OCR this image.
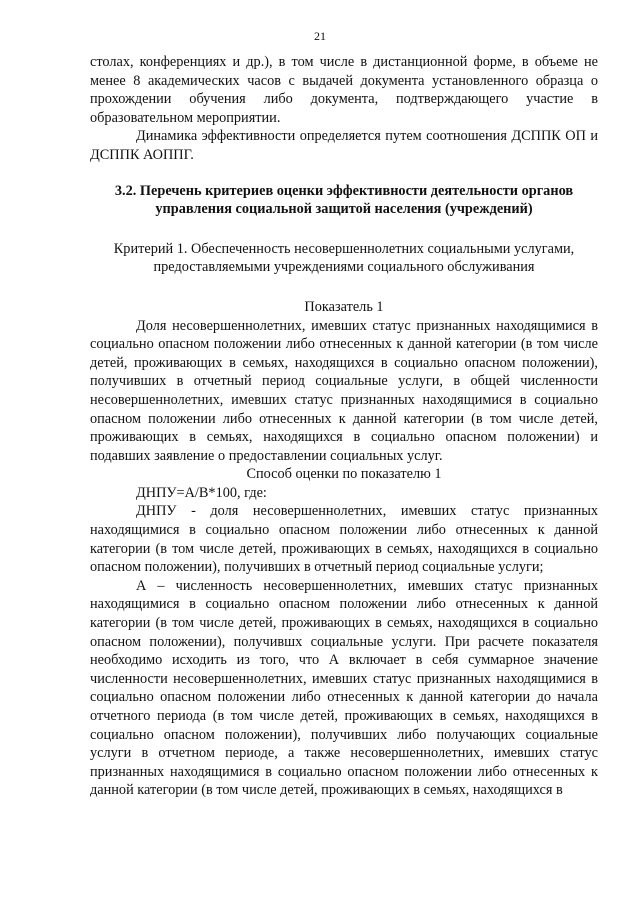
21

столах, конференциях и др.), в том числе в дистанционной форме, в объеме не менее 8 академических часов с выдачей документа установленного образца о прохождении обучения либо документа, подтверждающего участие в образовательном мероприятии.

Динамика эффективности определяется путем соотношения ДСППК ОП и ДСППК АОППГ.

3.2. Перечень критериев оценки эффективности деятельности органов управления социальной защитой населения (учреждений)

Критерий 1. Обеспеченность несовершеннолетних социальными услугами, предоставляемыми учреждениями социального обслуживания

Показатель 1

Доля несовершеннолетних, имевших статус признанных находящимися в социально опасном положении либо отнесенных к данной категории (в том числе детей, проживающих в семьях, находящихся в социально опасном положении), получивших в отчетный период социальные услуги, в общей численности несовершеннолетних, имевших статус признанных находящимися в социально опасном положении либо отнесенных к данной категории (в том числе детей, проживающих в семьях, находящихся в социально опасном положении) и подавших заявление о предоставлении социальных услуг.

Способ оценки по показателю 1

ДНПУ=А/В*100, где:

ДНПУ - доля несовершеннолетних, имевших статус признанных находящимися в социально опасном положении либо отнесенных к данной категории (в том числе детей, проживающих в семьях, находящихся в социально опасном положении), получивших в отчетный период социальные услуги;

А – численность несовершеннолетних, имевших статус признанных находящимися в социально опасном положении либо отнесенных к данной категории (в том числе детей, проживающих в семьях, находящихся в социально опасном положении), получившх социальные услуги. При расчете показателя необходимо исходить из того, что А включает в себя суммарное значение численности несовершеннолетних, имевших статус признанных находящимися в социально опасном положении либо отнесенных к данной категории до начала отчетного периода (в том числе детей, проживающих в семьях, находящихся в социально опасном положении), получивших либо получающих социальные услуги в отчетном периоде, а также несовершеннолетних, имевших статус признанных находящимися в социально опасном положении либо отнесенных к данной категории (в том числе детей, проживающих в семьях, находящихся в
